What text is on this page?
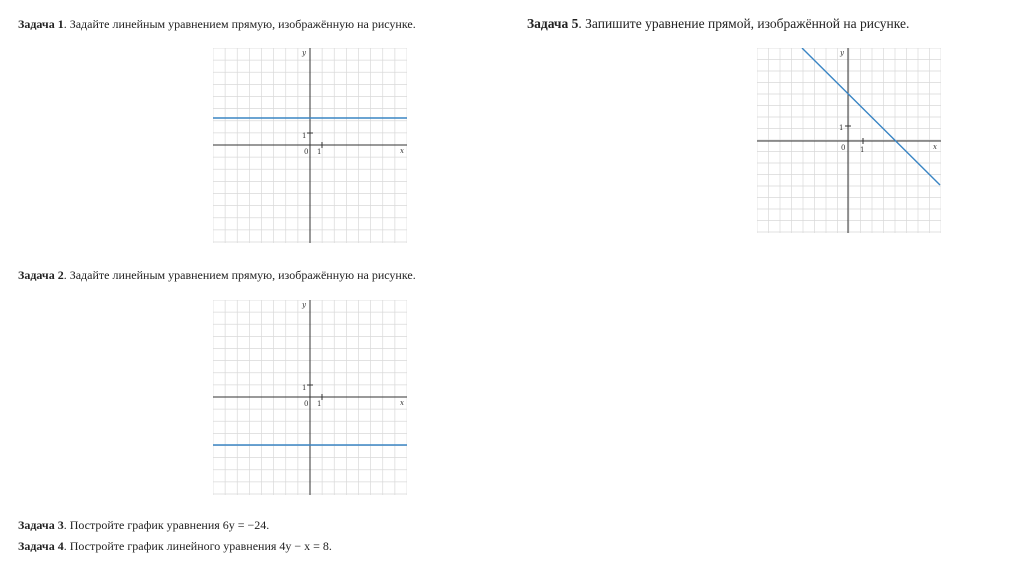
Задача 1. Задайте линейным уравнением прямую, изображённую на рисунке.
y
x
0
1
1
Задача 2. Задайте линейным уравнением прямую, изображённую на рисунке.
y
x
0
1
1
Задача 3. Постройте график уравнения 6y = −24.
Задача 4. Постройте график линейного уравнения 4y − x = 8.
Задача 5. Запишите уравнение прямой, изображённой на рисунке.
y
x
0
1
1
